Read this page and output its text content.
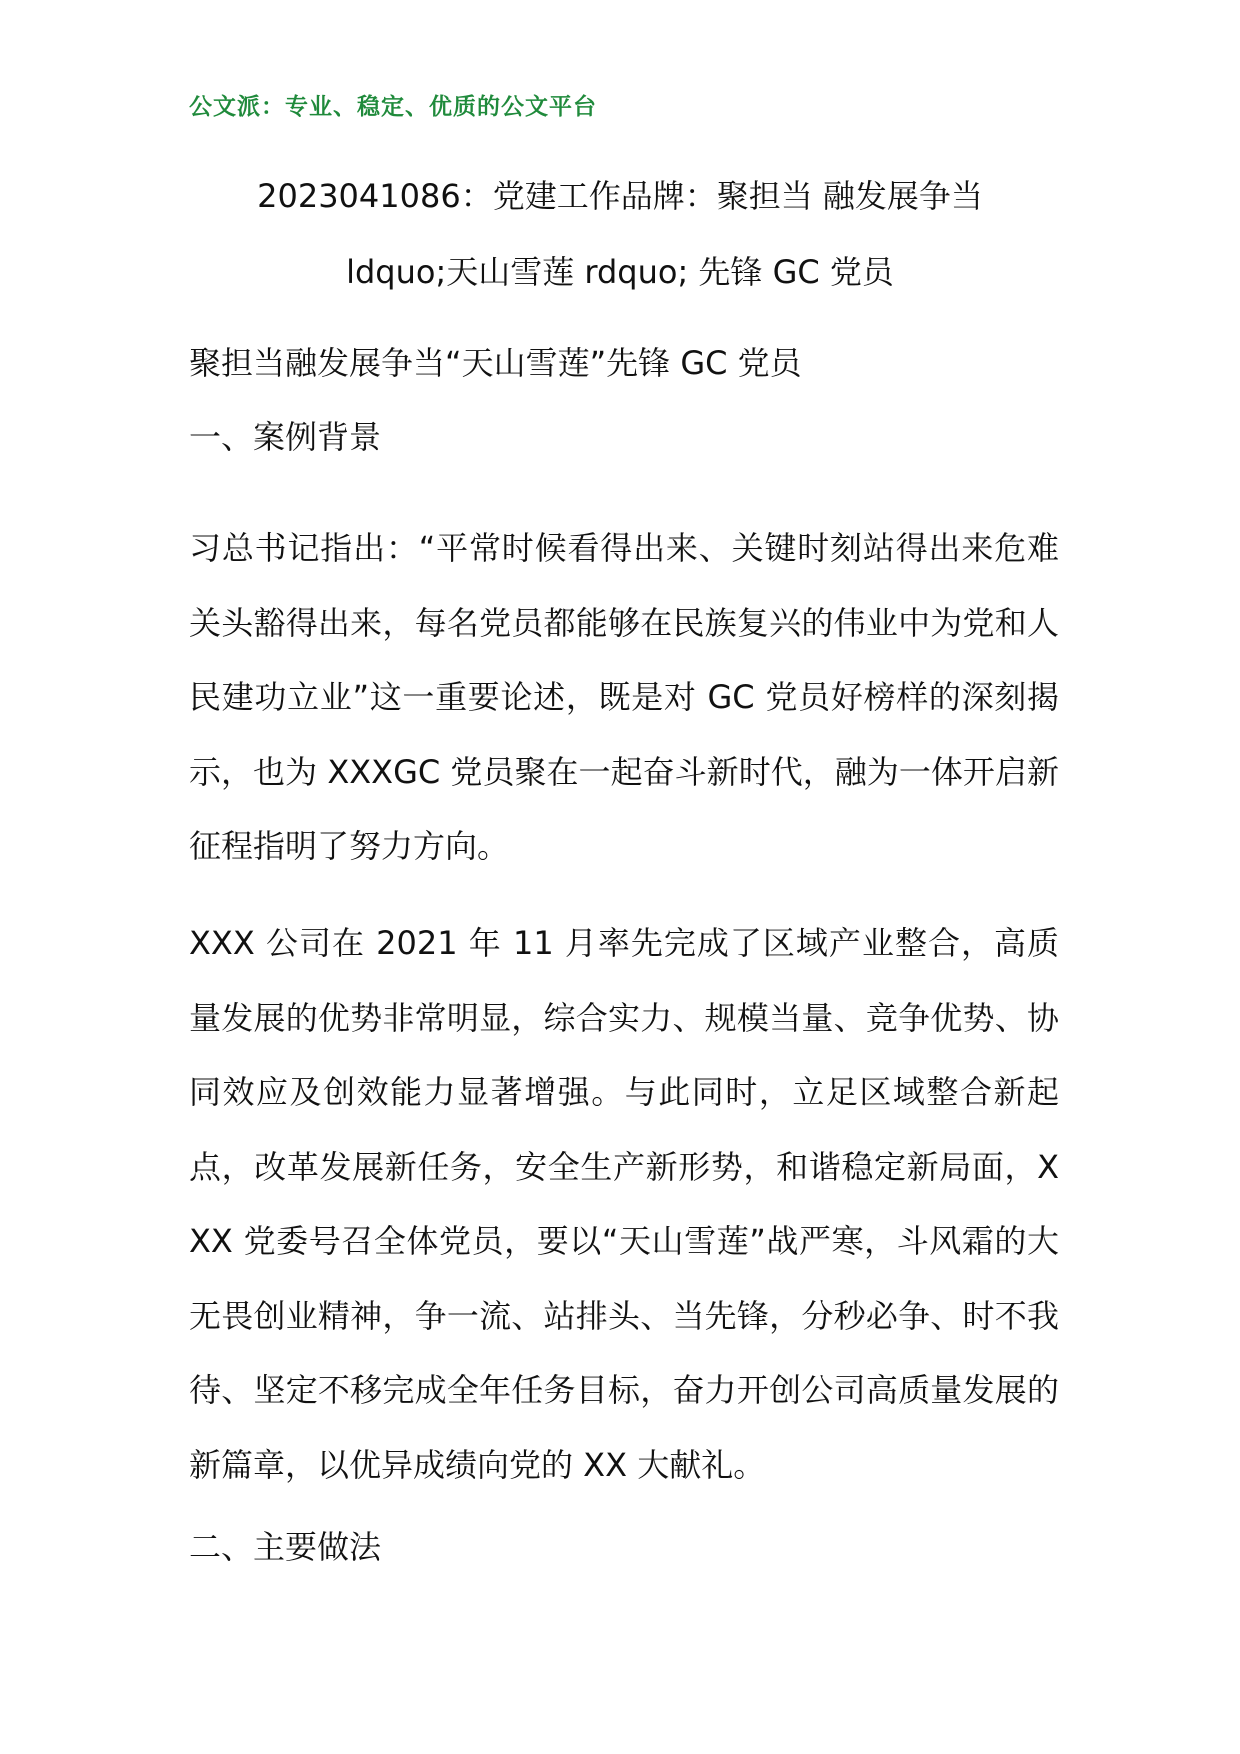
公文派：专业、稳定、优质的公文平台
2023041086：党建工作品牌：聚担当 融发展争当
ldquo;天山雪莲 rdquo; 先锋 GC 党员
聚担当融发展争当“天山雪莲”先锋 GC 党员
一、案例背景
习总书记指出：“平常时候看得出来、关键时刻站得出来危难关头豁得出来，每名党员都能够在民族复兴的伟业中为党和人民建功立业”这一重要论述，既是对 GC 党员好榜样的深刻揭示，也为 XXXGC 党员聚在一起奋斗新时代，融为一体开启新征程指明了努力方向。
XXX 公司在 2021 年 11 月率先完成了区域产业整合，高质量发展的优势非常明显，综合实力、规模当量、竞争优势、协同效应及创效能力显著增强。与此同时，立足区域整合新起点，改革发展新任务，安全生产新形势，和谐稳定新局面，XXX 党委号召全体党员，要以“天山雪莲”战严寒，斗风霜的大无畏创业精神，争一流、站排头、当先锋，分秒必争、时不我待、坚定不移完成全年任务目标，奋力开创公司高质量发展的新篇章，以优异成绩向党的 XX 大献礼。
二、主要做法
